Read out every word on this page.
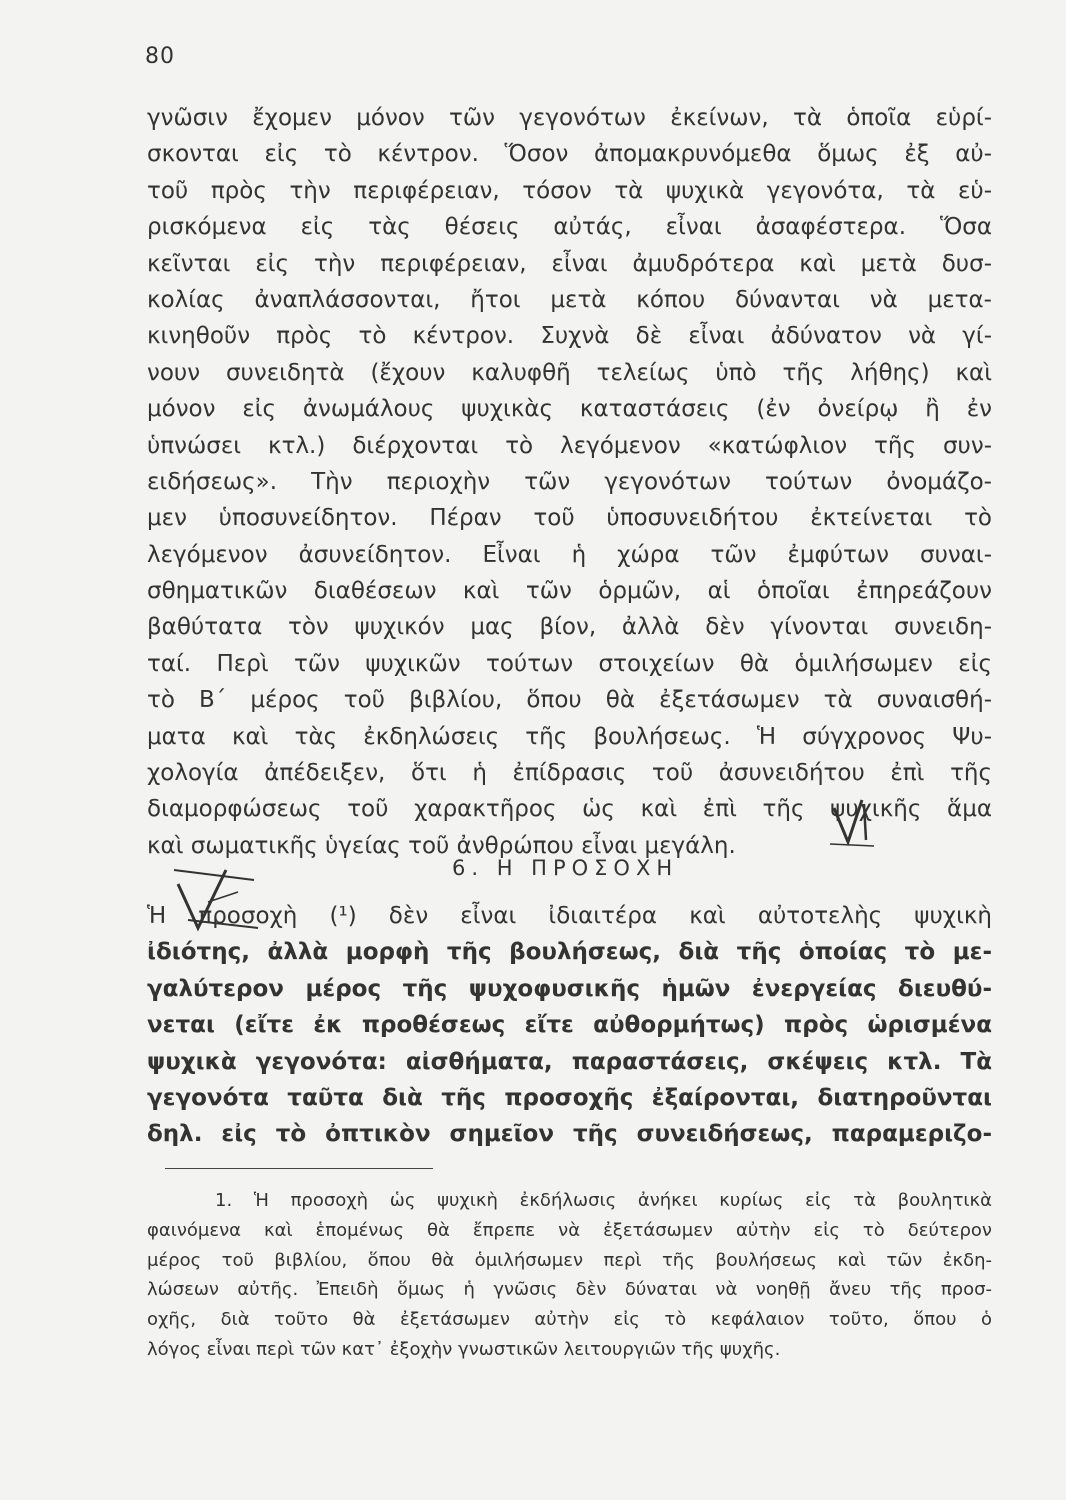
80
γνῶσιν ἔχομεν μόνον τῶν γεγονότων ἐκείνων, τὰ ὁποῖα εὑρί-
σκονται εἰς τὸ κέντρον. Ὅσον ἀπομακρυνόμεθα ὅμως ἐξ αὐ-
τοῦ πρὸς τὴν περιφέρειαν, τόσον τὰ ψυχικὰ γεγονότα, τὰ εὑ-
ρισκόμενα εἰς τὰς θέσεις αὐτάς, εἶναι ἀσαφέστερα. Ὅσα
κεῖνται εἰς τὴν περιφέρειαν, εἶναι ἀμυδρότερα καὶ μετὰ δυσ-
κολίας ἀναπλάσσονται, ἤτοι μετὰ κόπου δύνανται νὰ μετα-
κινηθοῦν πρὸς τὸ κέντρον. Συχνὰ δὲ εἶναι ἀδύνατον νὰ γί-
νουν συνειδητὰ (ἔχουν καλυφθῆ τελείως ὑπὸ τῆς λήθης) καὶ
μόνον εἰς ἀνωμάλους ψυχικὰς καταστάσεις (ἐν ὀνείρῳ ἢ ἐν
ὑπνώσει κτλ.) διέρχονται τὸ λεγόμενον «κατώφλιον τῆς συν-
ειδήσεως». Τὴν περιοχὴν τῶν γεγονότων τούτων ὀνομάζο-
μεν ὑποσυνείδητον. Πέραν τοῦ ὑποσυνειδήτου ἐκτείνεται τὸ
λεγόμενον ἀσυνείδητον. Εἶναι ἡ χώρα τῶν ἐμφύτων συναι-
σθηματικῶν διαθέσεων καὶ τῶν ὁρμῶν, αἱ ὁποῖαι ἐπηρεάζουν
βαθύτατα τὸν ψυχικόν μας βίον, ἀλλὰ δὲν γίνονται συνειδη-
ταί. Περὶ τῶν ψυχικῶν τούτων στοιχείων θὰ ὁμιλήσωμεν εἰς
τὸ Β΄ μέρος τοῦ βιβλίου, ὅπου θὰ ἐξετάσωμεν τὰ συναισθή-
ματα καὶ τὰς ἐκδηλώσεις τῆς βουλήσεως. Ἡ σύγχρονος Ψυ-
χολογία ἀπέδειξεν, ὅτι ἡ ἐπίδρασις τοῦ ἀσυνειδήτου ἐπὶ τῆς
διαμορφώσεως τοῦ χαρακτῆρος ὡς καὶ ἐπὶ τῆς ψυχικῆς ἅμα
καὶ σωματικῆς ὑγείας τοῦ ἀνθρώπου εἶναι μεγάλη.
6. Η ΠΡΟΣΟΧΗ
Ἡ προσοχὴ (¹) δὲν εἶναι ἰδιαιτέρα καὶ αὐτοτελὴς ψυχικὴ
ἰδιότης, ἀλλὰ μορφὴ τῆς βουλήσεως, διὰ τῆς ὁποίας τὸ με-
γαλύτερον μέρος τῆς ψυχοφυσικῆς ἡμῶν ἐνεργείας διευθύ-
νεται (εἴτε ἐκ προθέσεως εἴτε αὐθορμήτως) πρὸς ὡρισμένα
ψυχικὰ γεγονότα: αἰσθήματα, παραστάσεις, σκέψεις κτλ. Τὰ
γεγονότα ταῦτα διὰ τῆς προσοχῆς ἐξαίρονται, διατηροῦνται
δηλ. εἰς τὸ ὀπτικὸν σημεῖον τῆς συνειδήσεως, παραμεριζο-
1. Ἡ προσοχὴ ὡς ψυχικὴ ἐκδήλωσις ἀνήκει κυρίως εἰς τὰ βουλητικὰ
φαινόμενα καὶ ἑπομένως θὰ ἔπρεπε νὰ ἐξετάσωμεν αὐτὴν εἰς τὸ δεύτερον
μέρος τοῦ βιβλίου, ὅπου θὰ ὁμιλήσωμεν περὶ τῆς βουλήσεως καὶ τῶν ἐκδη-
λώσεων αὐτῆς. Ἐπειδὴ ὅμως ἡ γνῶσις δὲν δύναται νὰ νοηθῇ ἄνευ τῆς προσ-
οχῆς, διὰ τοῦτο θὰ ἐξετάσωμεν αὐτὴν εἰς τὸ κεφάλαιον τοῦτο, ὅπου ὁ
λόγος εἶναι περὶ τῶν κατ᾽ ἐξοχὴν γνωστικῶν λειτουργιῶν τῆς ψυχῆς.
